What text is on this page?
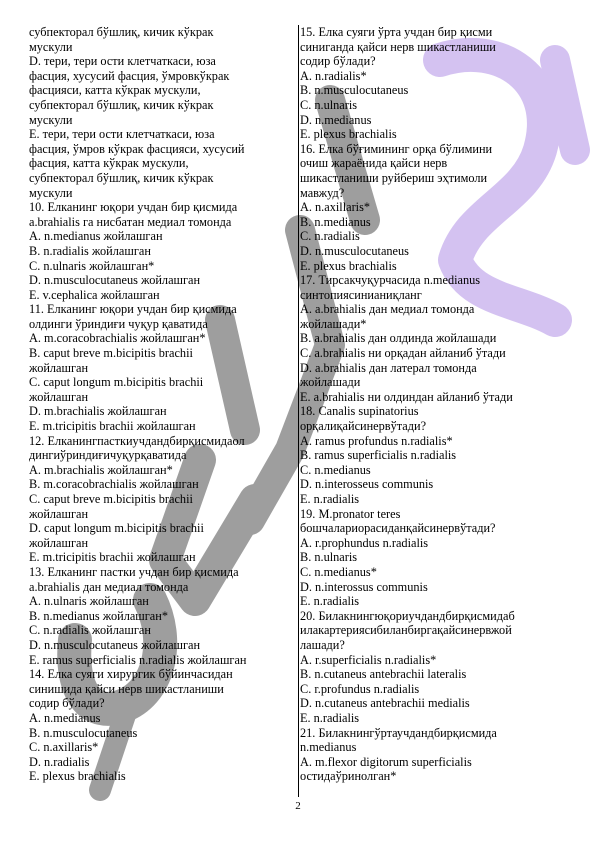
субпекторал бўшлиқ, кичик кўкрак
мускули
D. тери, тери ости клетчаткаси, юза
фасция, хусусий фасция, ўмровкўкрак
фасцияси, катта кўкрак мускули,
субпекторал бўшлиқ, кичик кўкрак
мускули
E. тери, тери ости клетчаткаси, юза
фасция, ўмров кўкрак фасцияси, хусусий
фасция, катта кўкрак мускули,
субпекторал бўшлиқ, кичик кўкрак
мускули
10. Елканинг юқори учдан бир қисмида
a.brahialis га нисбатан медиал томонда
A. n.medianus жойлашган
B. n.radialis жойлашган
C. n.ulnaris жойлашган*
D. n.musculocutaneus жойлашган
E. v.cephalica жойлашган
11. Елканинг юқори учдан бир қисмида
олдинги ўриндиғи чуқур қаватида
A. m.coracobrachialis жойлашган*
B. caput breve m.bicipitis brachii
жойлашган
C. caput longum m.bicipitis brachii
жойлашган
D. m.brachialis жойлашган
E. m.tricipitis brachii жойлашган
12. Елканингпасткиучдандбирқисмидаол
дингиўриндиғичуқурқаватида
A. m.brachialis жойлашган*
B. m.coracobrachialis жойлашган
C. caput breve m.bicipitis brachii
жойлашган
D. caput longum m.bicipitis brachii
жойлашган
E. m.tricipitis brachii жойлашган
13. Елканинг пастки учдан бир қисмида
a.brahialis дан медиал томонда
A. n.ulnaris жойлашган
B. n.medianus жойлашган*
C. n.radialis жойлашган
D. n.musculocutaneus жойлашган
E. ramus superficialis n.radialis жойлашган
14. Елка суяги хирургик бўйинчасидан
синишида қайси нерв шикастланиши
содир бўлади?
A. n.medianus
B. n.musculocutaneus
C. n.axillaris*
D. n.radialis
E. plexus brachialis
15. Елка суяги ўрта учдан бир қисми
синиганда қайси нерв шикастланиши
содир бўлади?
A. n.radialis*
B. n.musculocutaneus
C. n.ulnaris
D. n.medianus
E. plexus brachialis
16. Елка бўғимининг орқа бўлимини
очиш жараёнида қайси нерв
шикастланиши руйбериш эҳтимоли
мавжуд?
A. n.axillaris*
B. n.medianus
C. n.radialis
D. n.musculocutaneus
E. plexus brachialis
17. Тирсакчуқурчасида n.medianus
синтопиясинианиқланг
A. a.brahialis дан медиал томонда
жойлашади*
B. a.brahialis дан олдинда жойлашади
C. a.brahialis ни орқадан айланиб ўтади
D. a.brahialis дан латерал томонда
жойлашади
E. a.brahialis ни олдиндан айланиб ўтади
18. Canalis supinatorius
орқалиқайсинервўтади?
A. ramus profundus n.radialis*
B. ramus superficialis n.radialis
C. n.medianus
D. n.interosseus communis
E. n.radialis
19. M.pronator teres
бошчалариорасиданқайсинервўтади?
A. r.prophundus n.radialis
B. n.ulnaris
C. n.medianus*
D. n.interossus communis
E. n.radialis
20. Билакнингюқориучдандбирқисмидаб
илакартериясибиланбиргақайсинервжой
лашади?
A. r.superficialis n.radialis*
B. n.cutaneus antebrachii lateralis
C. r.profundus n.radialis
D. n.cutaneus antebrachii medialis
E. n.radialis
21. Билакнингўртаучдандбирқисмида
n.medianus
A. m.flexor digitorum superficialis
остидаўринолган*
2
